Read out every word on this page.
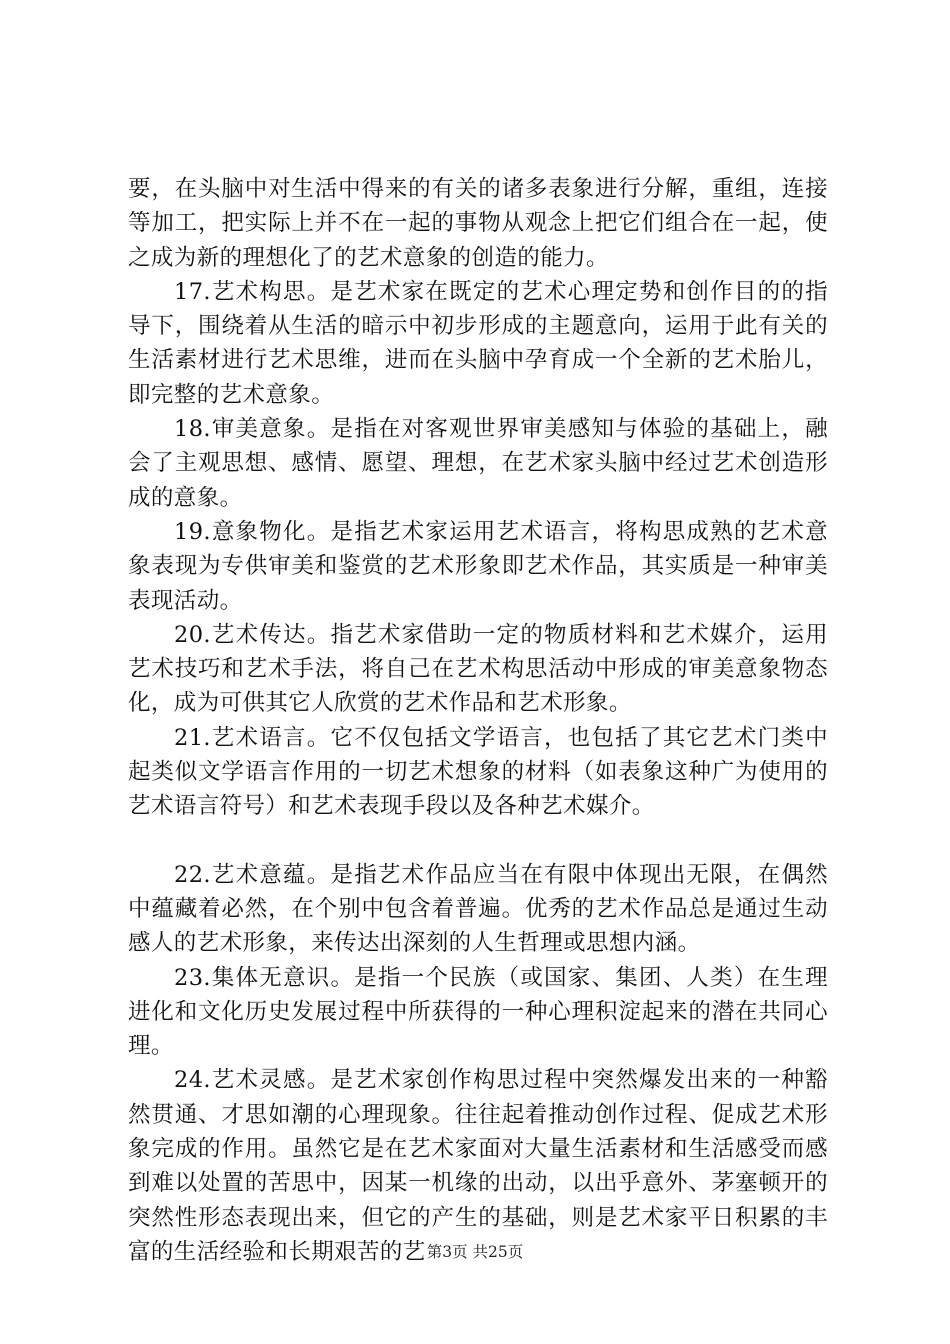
要，在头脑中对生活中得来的有关的诸多表象进行分解，重组，连接等加工，把实际上并不在一起的事物从观念上把它们组合在一起，使之成为新的理想化了的艺术意象的创造的能力。

17.艺术构思。是艺术家在既定的艺术心理定势和创作目的的指导下，围绕着从生活的暗示中初步形成的主题意向，运用于此有关的生活素材进行艺术思维，进而在头脑中孕育成一个全新的艺术胎儿，即完整的艺术意象。

18.审美意象。是指在对客观世界审美感知与体验的基础上，融会了主观思想、感情、愿望、理想，在艺术家头脑中经过艺术创造形成的意象。

19.意象物化。是指艺术家运用艺术语言，将构思成熟的艺术意象表现为专供审美和鉴赏的艺术形象即艺术作品，其实质是一种审美表现活动。

20.艺术传达。指艺术家借助一定的物质材料和艺术媒介，运用艺术技巧和艺术手法，将自己在艺术构思活动中形成的审美意象物态化，成为可供其它人欣赏的艺术作品和艺术形象。

21.艺术语言。它不仅包括文学语言，也包括了其它艺术门类中起类似文学语言作用的一切艺术想象的材料（如表象这种广为使用的艺术语言符号）和艺术表现手段以及各种艺术媒介。

22.艺术意蕴。是指艺术作品应当在有限中体现出无限，在偶然中蕴藏着必然，在个别中包含着普遍。优秀的艺术作品总是通过生动感人的艺术形象，来传达出深刻的人生哲理或思想内涵。

23.集体无意识。是指一个民族（或国家、集团、人类）在生理进化和文化历史发展过程中所获得的一种心理积淀起来的潜在共同心理。

24.艺术灵感。是艺术家创作构思过程中突然爆发出来的一种豁然贯通、才思如潮的心理现象。往往起着推动创作过程、促成艺术形象完成的作用。虽然它是在艺术家面对大量生活素材和生活感受而感到难以处置的苦思中，因某一机缘的出动，以出乎意外、茅塞顿开的突然性形态表现出来，但它的产生的基础，则是艺术家平日积累的丰富的生活经验和长期艰苦的艺 第3页 共25页
